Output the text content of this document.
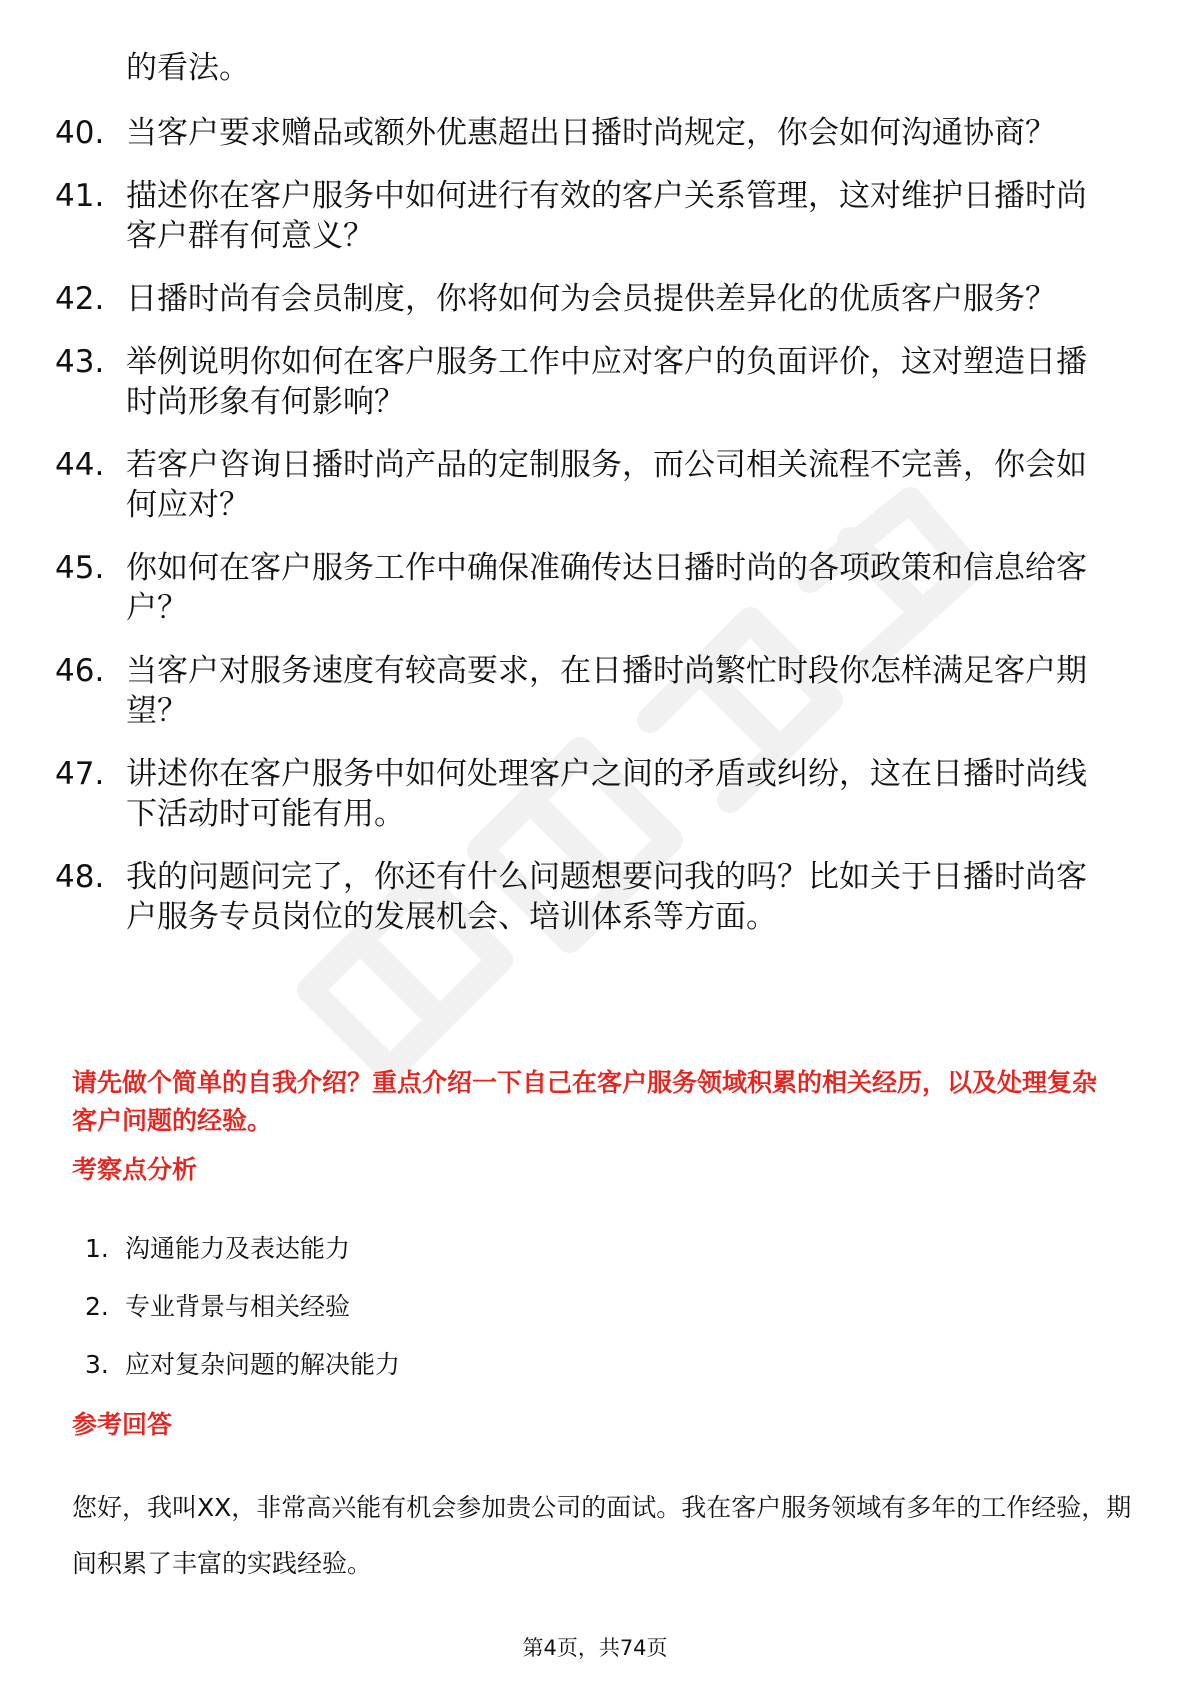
的看法。
40. 当客户要求赠品或额外优惠超出日播时尚规定，你会如何沟通协商？
41. 描述你在客户服务中如何进行有效的客户关系管理，这对维护日播时尚客户群有何意义？
42. 日播时尚有会员制度，你将如何为会员提供差异化的优质客户服务？
43. 举例说明你如何在客户服务工作中应对客户的负面评价，这对塑造日播时尚形象有何影响？
44. 若客户咨询日播时尚产品的定制服务，而公司相关流程不完善，你会如何应对？
45. 你如何在客户服务工作中确保准确传达日播时尚的各项政策和信息给客户？
46. 当客户对服务速度有较高要求，在日播时尚繁忙时段你怎样满足客户期望？
47. 讲述你在客户服务中如何处理客户之间的矛盾或纠纷，这在日播时尚线下活动时可能有用。
48. 我的问题问完了，你还有什么问题想要问我的吗？比如关于日播时尚客户服务专员岗位的发展机会、培训体系等方面。
请先做个简单的自我介绍？重点介绍一下自己在客户服务领域积累的相关经历，以及处理复杂客户问题的经验。
考察点分析
1. 沟通能力及表达能力
2. 专业背景与相关经验
3. 应对复杂问题的解决能力
参考回答
您好，我叫XX，非常高兴能有机会参加贵公司的面试。我在客户服务领域有多年的工作经验，期间积累了丰富的实践经验。
第4页，共74页
